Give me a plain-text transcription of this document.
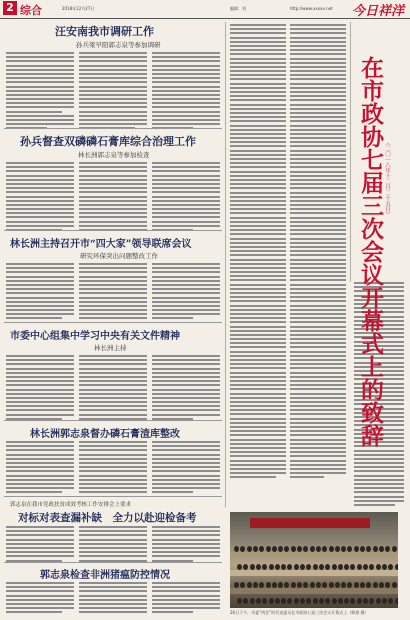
2 综合	2018年12月27日	编辑：刘	http://www.xxxxx.net 今日祥洋
汪安南我市调研工作
孙兵梁早阳郭志泉等参加调研
孙兵督查双磷磷石膏库综合治理工作
林长洲郭志泉等参加检查
林长洲主持召开市“四大家”领导联席会议
研究环保突出问题整改工作
市委中心组集中学习中央有关文件精神
林长洲主持
林长洲郭志泉督办磷石膏渣库整改
郭志泉在我市党政扶贫成效考核工作安排会上要求
对标对表查漏补缺　全力以赴迎检备考
郭志泉检查非洲猪瘟防控情况
在市政协七届三次会议开幕式上的致辞 （二〇一八年十二月二十五日）
26日下午，市委“两会”时代表委员在市政协七届三次会议开幕式上（韩建 摄）
